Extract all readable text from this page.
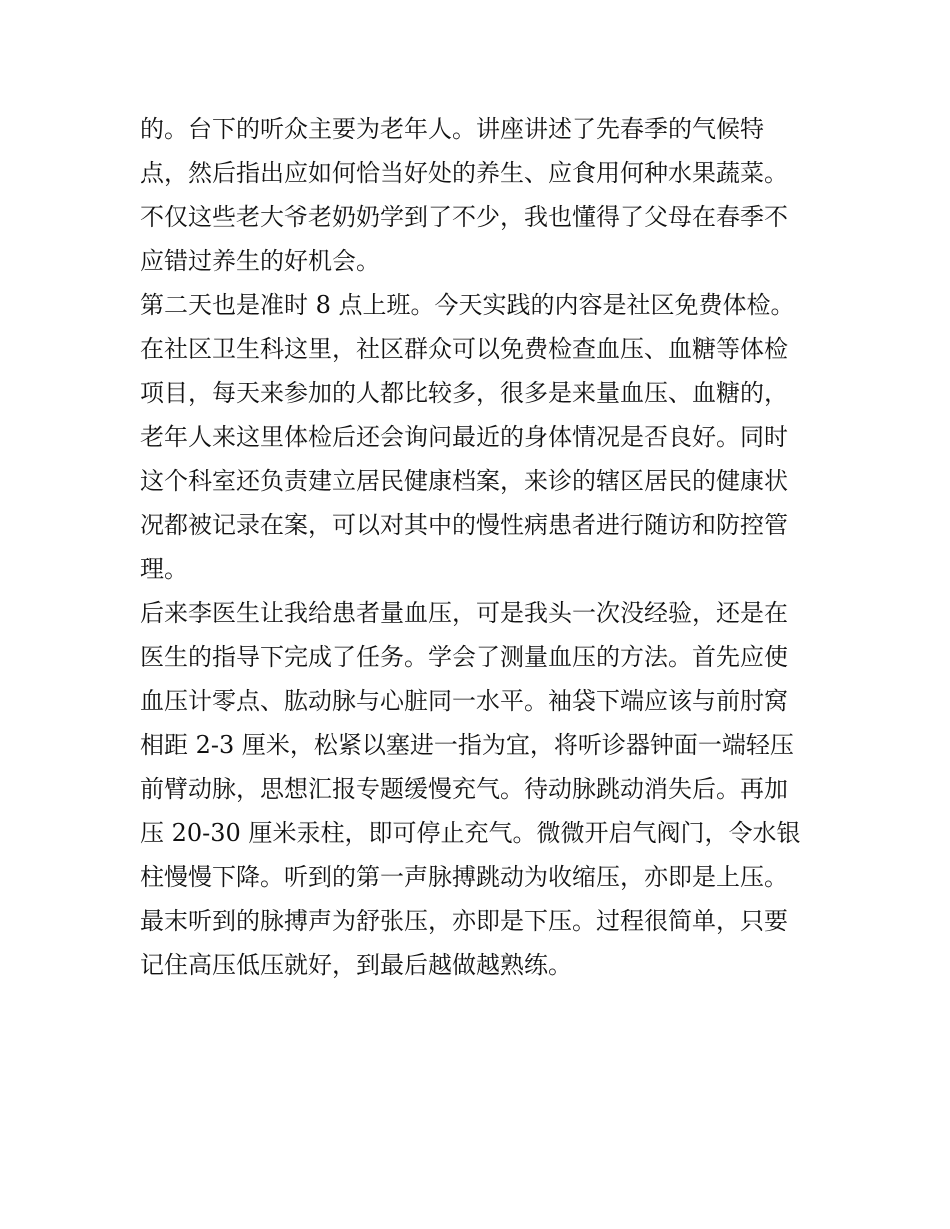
的。台下的听众主要为老年人。讲座讲述了先春季的气候特
点，然后指出应如何恰当好处的养生、应食用何种水果蔬菜。
不仅这些老大爷老奶奶学到了不少，我也懂得了父母在春季不
应错过养生的好机会。
第二天也是准时 8 点上班。今天实践的内容是社区免费体检。
在社区卫生科这里，社区群众可以免费检查血压、血糖等体检
项目，每天来参加的人都比较多，很多是来量血压、血糖的，
老年人来这里体检后还会询问最近的身体情况是否良好。同时
这个科室还负责建立居民健康档案，来诊的辖区居民的健康状
况都被记录在案，可以对其中的慢性病患者进行随访和防控管
理。
后来李医生让我给患者量血压，可是我头一次没经验，还是在
医生的指导下完成了任务。学会了测量血压的方法。首先应使
血压计零点、肱动脉与心脏同一水平。袖袋下端应该与前肘窝
相距 2-3 厘米，松紧以塞进一指为宜，将听诊器钟面一端轻压
前臂动脉，思想汇报专题缓慢充气。待动脉跳动消失后。再加
压 20-30 厘米汞柱，即可停止充气。微微开启气阀门，令水银
柱慢慢下降。听到的第一声脉搏跳动为收缩压，亦即是上压。
最末听到的脉搏声为舒张压，亦即是下压。过程很简单，只要
记住高压低压就好，到最后越做越熟练。
